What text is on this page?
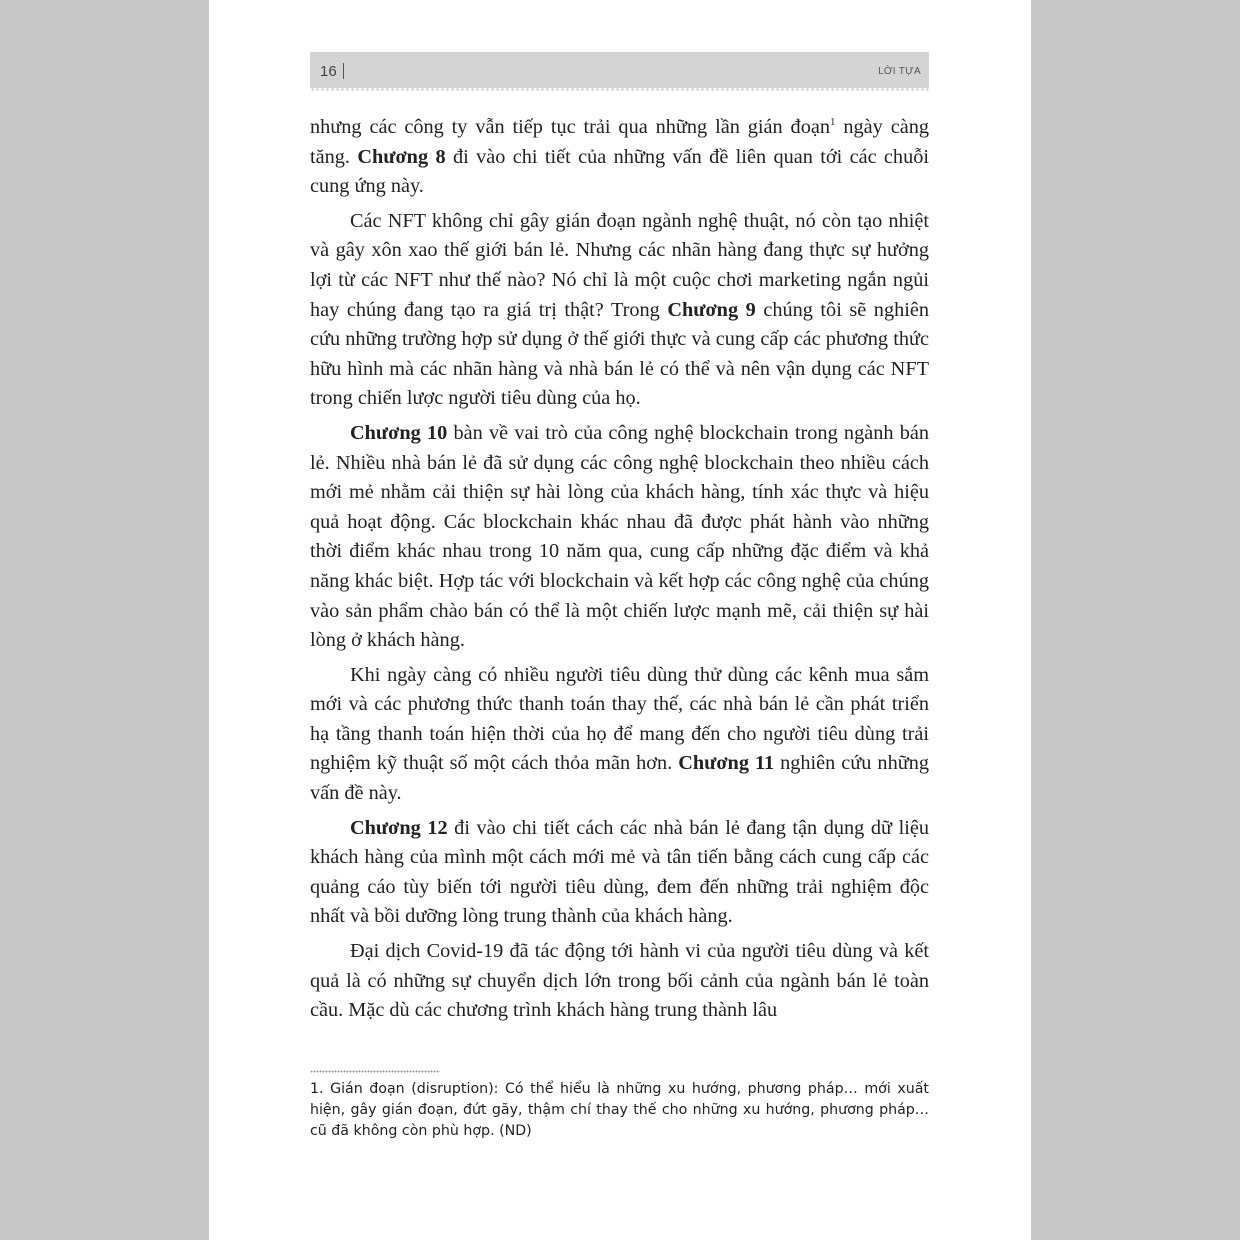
16	LỜI TỰA

nhưng các công ty vẫn tiếp tục trải qua những lần gián đoạn$^1$ ngày càng tăng. Chương 8 đi vào chi tiết của những vấn đề liên quan tới các chuỗi cung ứng này.

Các NFT không chỉ gây gián đoạn ngành nghệ thuật, nó còn tạo nhiệt và gây xôn xao thế giới bán lẻ. Nhưng các nhãn hàng đang thực sự hưởng lợi từ các NFT như thế nào? Nó chỉ là một cuộc chơi marketing ngắn ngủi hay chúng đang tạo ra giá trị thật? Trong Chương 9 chúng tôi sẽ nghiên cứu những trường hợp sử dụng ở thế giới thực và cung cấp các phương thức hữu hình mà các nhãn hàng và nhà bán lẻ có thể và nên vận dụng các NFT trong chiến lược người tiêu dùng của họ.

Chương 10 bàn về vai trò của công nghệ blockchain trong ngành bán lẻ. Nhiều nhà bán lẻ đã sử dụng các công nghệ blockchain theo nhiều cách mới mẻ nhằm cải thiện sự hài lòng của khách hàng, tính xác thực và hiệu quả hoạt động. Các blockchain khác nhau đã được phát hành vào những thời điểm khác nhau trong 10 năm qua, cung cấp những đặc điểm và khả năng khác biệt. Hợp tác với blockchain và kết hợp các công nghệ của chúng vào sản phẩm chào bán có thể là một chiến lược mạnh mẽ, cải thiện sự hài lòng ở khách hàng.

Khi ngày càng có nhiều người tiêu dùng thử dùng các kênh mua sắm mới và các phương thức thanh toán thay thế, các nhà bán lẻ cần phát triển hạ tầng thanh toán hiện thời của họ để mang đến cho người tiêu dùng trải nghiệm kỹ thuật số một cách thỏa mãn hơn. Chương 11 nghiên cứu những vấn đề này.

Chương 12 đi vào chi tiết cách các nhà bán lẻ đang tận dụng dữ liệu khách hàng của mình một cách mới mẻ và tân tiến bằng cách cung cấp các quảng cáo tùy biến tới người tiêu dùng, đem đến những trải nghiệm độc nhất và bồi dưỡng lòng trung thành của khách hàng.

Đại dịch Covid-19 đã tác động tới hành vi của người tiêu dùng và kết quả là có những sự chuyển dịch lớn trong bối cảnh của ngành bán lẻ toàn cầu. Mặc dù các chương trình khách hàng trung thành lâu

1. Gián đoạn (disruption): Có thể hiểu là những xu hướng, phương pháp… mới xuất hiện, gây gián đoạn, đứt gãy, thậm chí thay thế cho những xu hướng, phương pháp… cũ đã không còn phù hợp. (ND)
